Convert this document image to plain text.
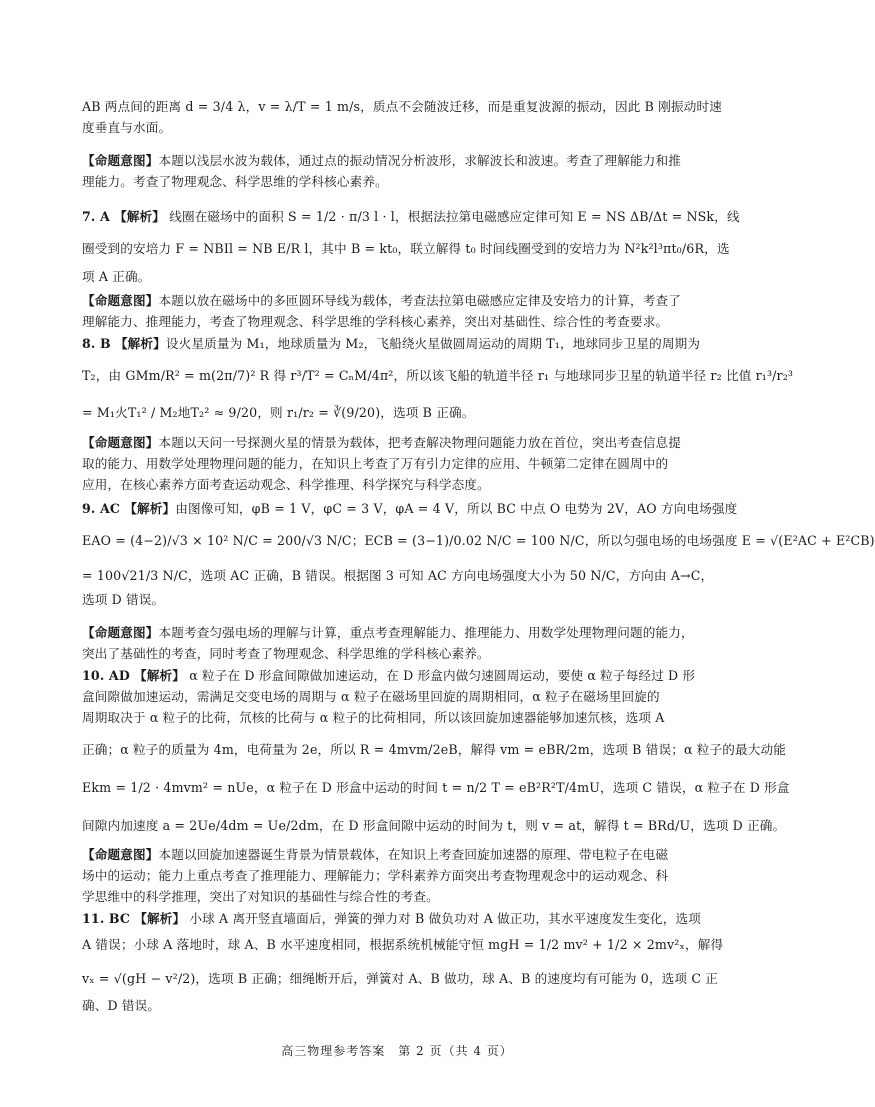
AB 两点间的距离 d = 3/4 λ，v = λ/T = 1 m/s，质点不会随波迁移，而是重复波源的振动，因此 B 刚振动时速
度垂直与水面。
【命题意图】本题以浅层水波为载体，通过点的振动情况分析波形，求解波长和波速。考查了理解能力和推
理能力。考查了物理观念、科学思维的学科核心素养。
7. A 【解析】 线圈在磁场中的面积 S = 1/2 · π/3 l · l，根据法拉第电磁感应定律可知 E = NS ΔB/Δt = NSk，线
圈受到的安培力 F = NBIl = NB E/R l，其中 B = kt₀，联立解得 t₀ 时间线圈受到的安培力为 N²k²l³πt₀/6R，选
项 A 正确。
【命题意图】本题以放在磁场中的多匝圆环导线为载体，考查法拉第电磁感应定律及安培力的计算，考查了
理解能力、推理能力，考查了物理观念、科学思维的学科核心素养，突出对基础性、综合性的考查要求。
8. B 【解析】设火星质量为 M₁，地球质量为 M₂，飞船绕火星做圆周运动的周期 T₁，地球同步卫星的周期为
T₂，由 GMm/R² = m(2π/7)² R 得 r³/T² = CₙM/4π²，所以该飞船的轨道半径 r₁ 与地球同步卫星的轨道半径 r₂ 比值 r₁³/r₂³
= M₁火T₁² / M₂地T₂² ≈ 9/20，则 r₁/r₂ = ∛(9/20)，选项 B 正确。
【命题意图】本题以天问一号探测火星的情景为载体，把考查解决物理问题能力放在首位，突出考查信息提
取的能力、用数学处理物理问题的能力，在知识上考查了万有引力定律的应用、牛顿第二定律在圆周中的
应用，在核心素养方面考查运动观念、科学推理、科学探究与科学态度。
9. AC 【解析】由图像可知，φB = 1 V，φC = 3 V，φA = 4 V，所以 BC 中点 O 电势为 2V，AO 方向电场强度
EAO = (4−2)/√3 × 10² N/C = 200/√3 N/C；ECB = (3−1)/0.02 N/C = 100 N/C，所以匀强电场的电场强度 E = √(E²AC + E²CB)
= 100√21/3 N/C，选项 AC 正确，B 错误。根据图 3 可知 AC 方向电场强度大小为 50 N/C，方向由 A→C，
选项 D 错误。
【命题意图】本题考查匀强电场的理解与计算，重点考查理解能力、推理能力、用数学处理物理问题的能力，
突出了基础性的考查，同时考查了物理观念、科学思维的学科核心素养。
10. AD 【解析】 α 粒子在 D 形盒间隙做加速运动，在 D 形盒内做匀速圆周运动，要使 α 粒子每经过 D 形
盒间隙做加速运动，需满足交变电场的周期与 α 粒子在磁场里回旋的周期相同，α 粒子在磁场里回旋的
周期取决于 α 粒子的比荷，氘核的比荷与 α 粒子的比荷相同，所以该回旋加速器能够加速氘核，选项 A
正确；α 粒子的质量为 4m，电荷量为 2e，所以 R = 4mvm/2eB，解得 vm = eBR/2m，选项 B 错误；α 粒子的最大动能
Ekm = 1/2 · 4mvm² = nUe，α 粒子在 D 形盒中运动的时间 t = n/2 T = eB²R²T/4mU，选项 C 错误，α 粒子在 D 形盒
间隙内加速度 a = 2Ue/4dm = Ue/2dm，在 D 形盒间隙中运动的时间为 t，则 v = at，解得 t = BRd/U，选项 D 正确。
【命题意图】本题以回旋加速器诞生背景为情景载体，在知识上考查回旋加速器的原理、带电粒子在电磁
场中的运动；能力上重点考查了推理能力、理解能力；学科素养方面突出考查物理观念中的运动观念、科
学思维中的科学推理，突出了对知识的基础性与综合性的考查。
11. BC 【解析】 小球 A 离开竖直墙面后，弹簧的弹力对 B 做负功对 A 做正功，其水平速度发生变化，选项
A 错误；小球 A 落地时，球 A、B 水平速度相同，根据系统机械能守恒 mgH = 1/2 mv² + 1/2 × 2mv²ₓ，解得
vₓ = √(gH − v²/2)，选项 B 正确；细绳断开后，弹簧对 A、B 做功，球 A、B 的速度均有可能为 0，选项 C 正
确、D 错误。
高三物理参考答案　第 2 页（共 4 页）
